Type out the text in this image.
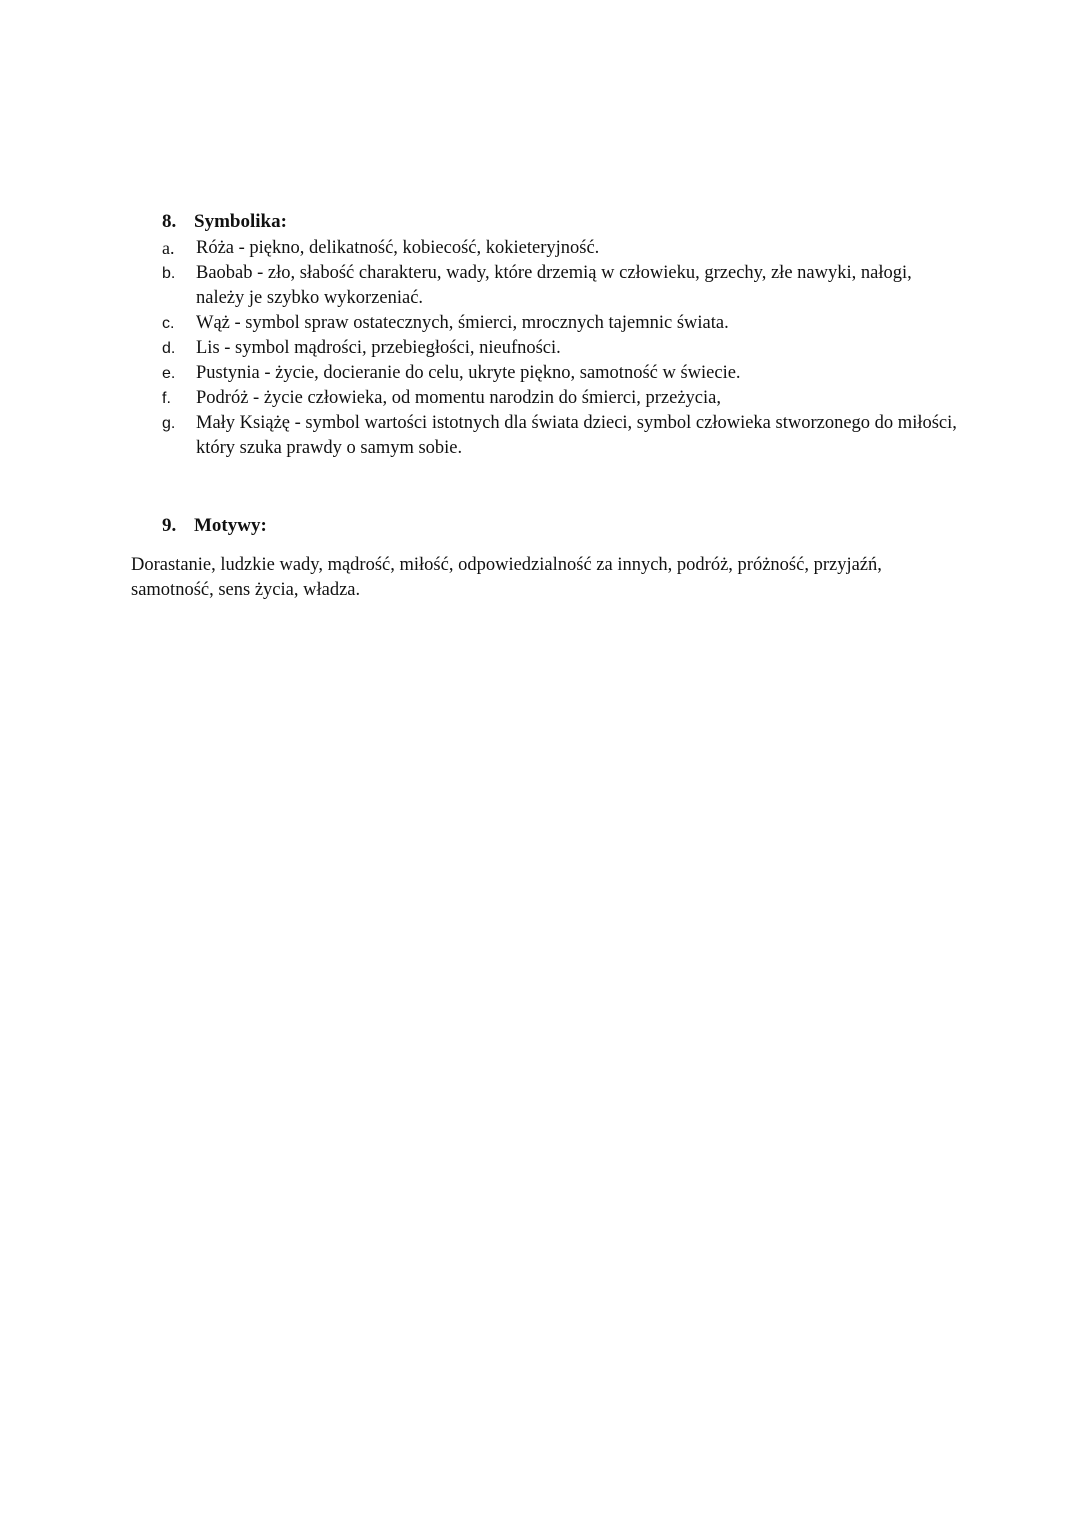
8. Symbolika:
a. Róża - piękno, delikatność, kobiecość, kokieteryjność.
b. Baobab - zło, słabość charakteru, wady, które drzemią w człowieku, grzechy, złe nawyki, nałogi, należy je szybko wykorzeniać.
c. Wąż - symbol spraw ostatecznych, śmierci, mrocznych tajemnic świata.
d. Lis - symbol mądrości, przebiegłości, nieufności.
e. Pustynia - życie, docieranie do celu, ukryte piękno, samotność w świecie.
f. Podróż - życie człowieka, od momentu narodzin do śmierci, przeżycia,
g. Mały Książę - symbol wartości istotnych dla świata dzieci, symbol człowieka stworzonego do miłości, który szuka prawdy o samym sobie.
9. Motywy:

Dorastanie, ludzkie wady, mądrość, miłość, odpowiedzialność za innych, podróż, próżność, przyjaźń, samotność, sens życia, władza.
